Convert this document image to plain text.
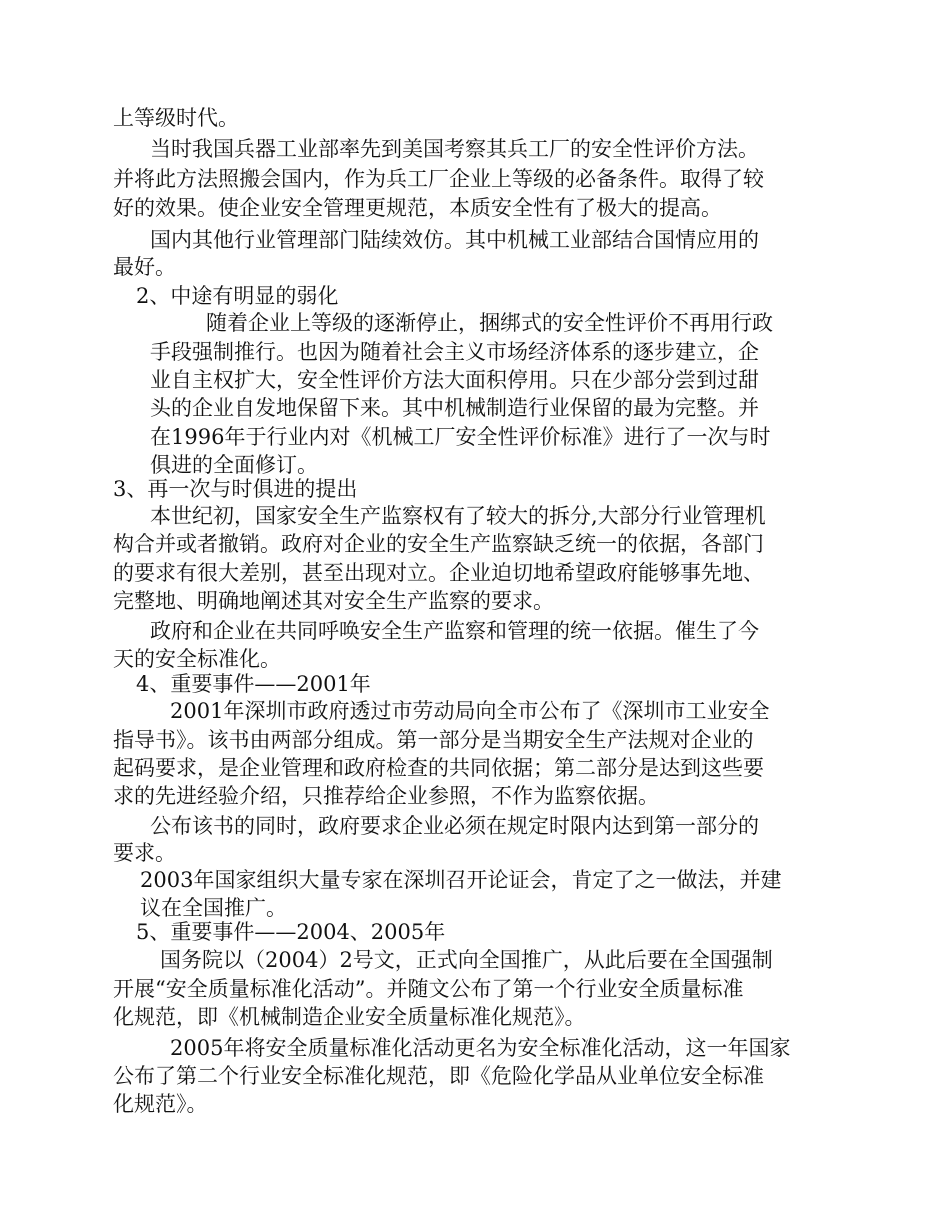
上等级时代。

当时我国兵器工业部率先到美国考察其兵工厂的安全性评价方法。

并将此方法照搬会国内，作为兵工厂企业上等级的必备条件。取得了较

好的效果。使企业安全管理更规范，本质安全性有了极大的提高。

国内其他行业管理部门陆续效仿。其中机械工业部结合国情应用的

最好。

2、中途有明显的弱化

随着企业上等级的逐渐停止，捆绑式的安全性评价不再用行政

手段强制推行。也因为随着社会主义市场经济体系的逐步建立，企

业自主权扩大，安全性评价方法大面积停用。只在少部分尝到过甜

头的企业自发地保留下来。其中机械制造行业保留的最为完整。并

在1996年于行业内对《机械工厂安全性评价标准》进行了一次与时

俱进的全面修订。

3、再一次与时俱进的提出

本世纪初，国家安全生产监察权有了较大的拆分,大部分行业管理机

构合并或者撤销。政府对企业的安全生产监察缺乏统一的依据，各部门

的要求有很大差别，甚至出现对立。企业迫切地希望政府能够事先地、

完整地、明确地阐述其对安全生产监察的要求。

政府和企业在共同呼唤安全生产监察和管理的统一依据。催生了今

天的安全标准化。

4、重要事件——2001年

2001年深圳市政府透过市劳动局向全市公布了《深圳市工业安全

指导书》。该书由两部分组成。第一部分是当期安全生产法规对企业的

起码要求，是企业管理和政府检查的共同依据；第二部分是达到这些要

求的先进经验介绍，只推荐给企业参照，不作为监察依据。

公布该书的同时，政府要求企业必须在规定时限内达到第一部分的

要求。

2003年国家组织大量专家在深圳召开论证会，肯定了之一做法，并建

议在全国推广。

5、重要事件——2004、2005年

国务院以（2004）2号文，正式向全国推广，从此后要在全国强制

开展“安全质量标准化活动”。并随文公布了第一个行业安全质量标准

化规范，即《机械制造企业安全质量标准化规范》。

2005年将安全质量标准化活动更名为安全标准化活动，这一年国家

公布了第二个行业安全标准化规范，即《危险化学品从业单位安全标准

化规范》。
